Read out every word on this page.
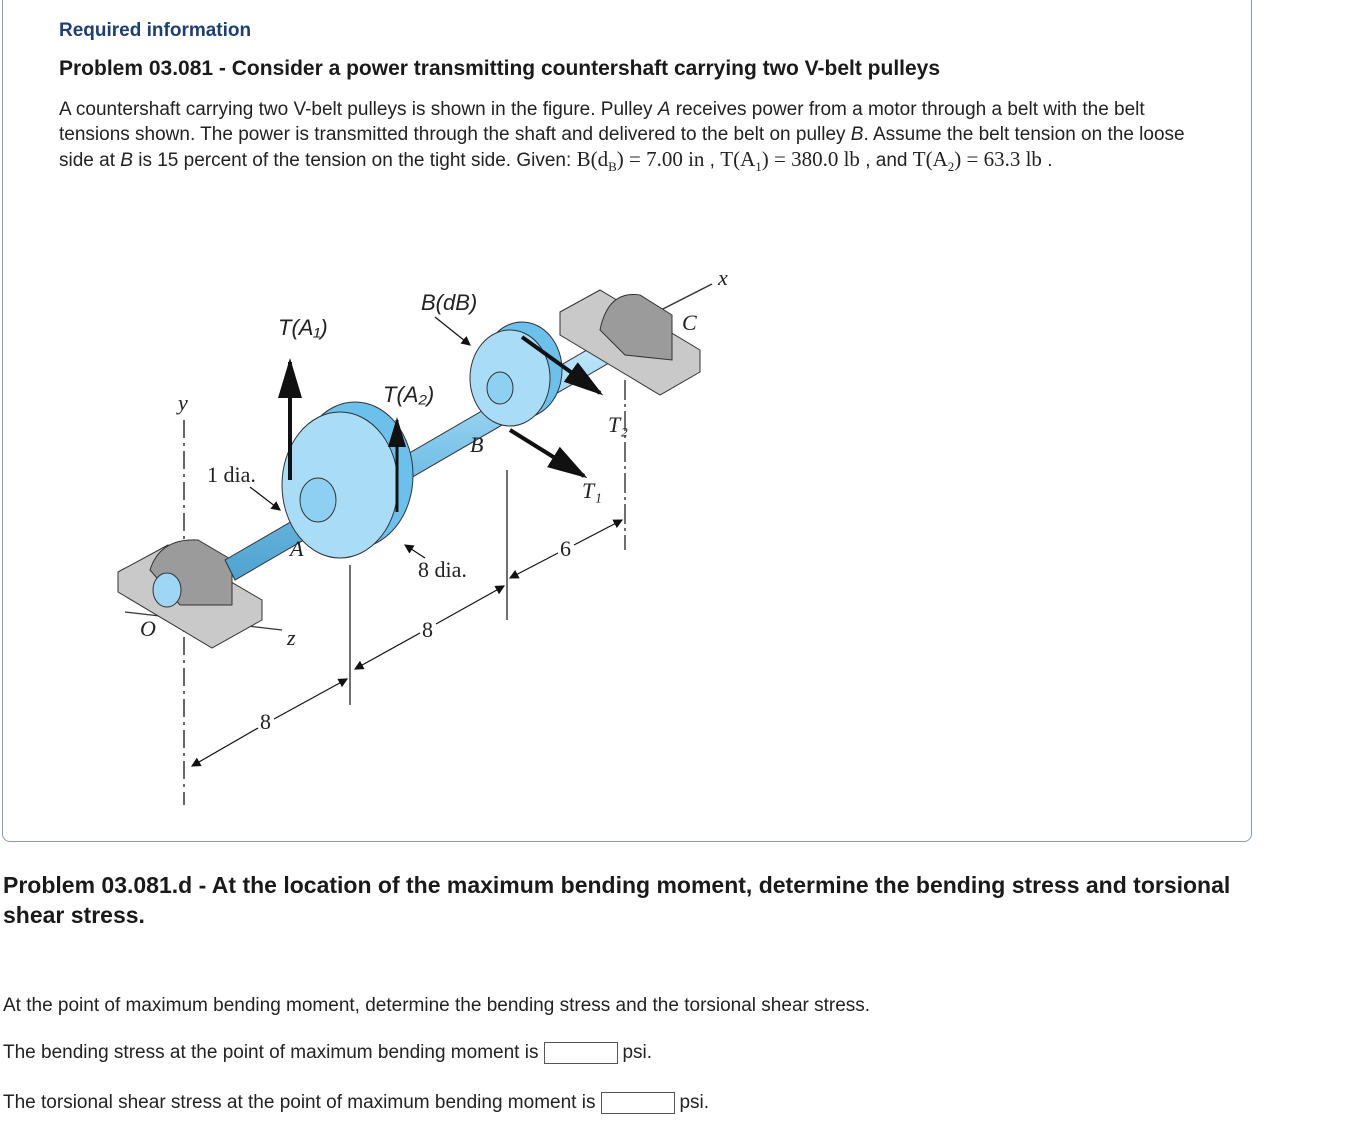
Required information
Problem 03.081 - Consider a power transmitting countershaft carrying two V-belt pulleys
A countershaft carrying two V-belt pulleys is shown in the figure. Pulley A receives power from a motor through a belt with the belt tensions shown. The power is transmitted through the shaft and delivered to the belt on pulley B. Assume the belt tension on the loose side at B is 15 percent of the tension on the tight side. Given: $B(d_B) = 7.00$ in , $T(A_1) = 380.0$ lb , and $T(A_2) = 63.3$ lb .
T(A₁)
B(dB)
T(A₂)
y
x
z
O
A
B
C
1 dia.
8 dia.
T₂
T₁
8
8
6
Problem 03.081.d - At the location of the maximum bending moment, determine the bending stress and torsional shear stress.
At the point of maximum bending moment, determine the bending stress and the torsional shear stress.
The bending stress at the point of maximum bending moment is	psi.
The torsional shear stress at the point of maximum bending moment is	psi.
